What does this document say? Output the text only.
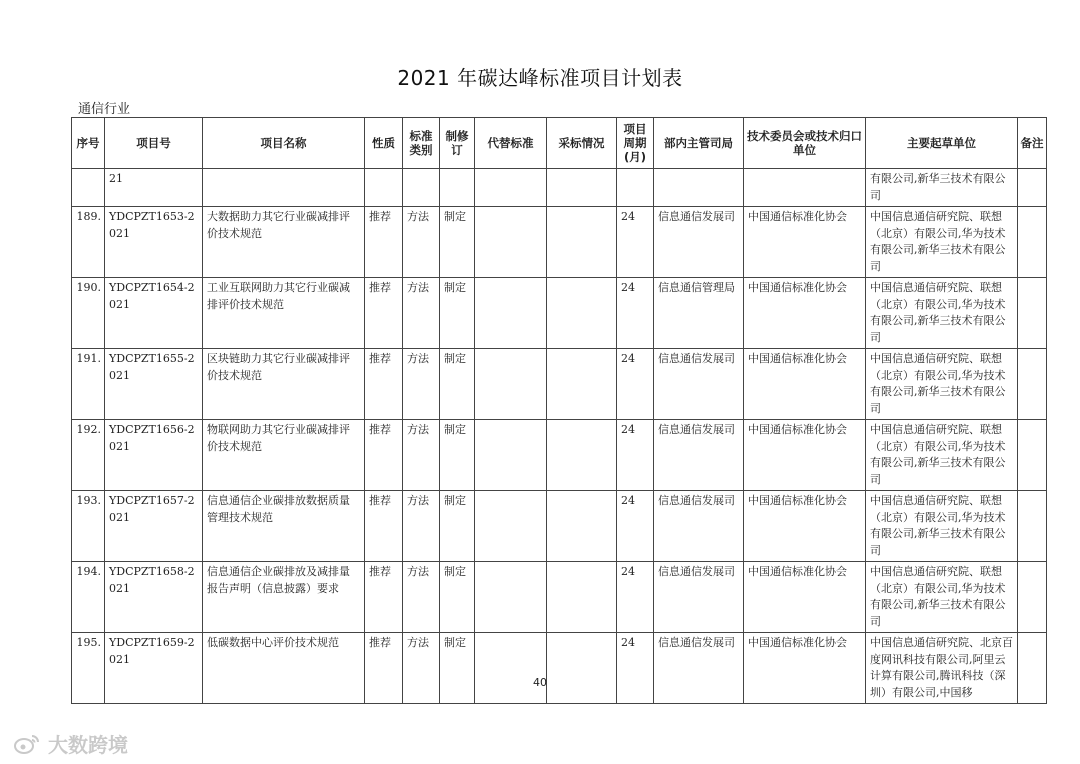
2021 年碳达峰标准项目计划表
通信行业
序号	项目号	项目名称	性质	标准类别	制修订	代替标准	采标情况	项目周期(月)	部内主管司局	技术委员会或技术归口单位	主要起草单位	备注
	21										有限公司,新华三技术有限公司	
189.	YDCPZT1653-2021	大数据助力其它行业碳减排评价技术规范	推荐	方法	制定			24	信息通信发展司	中国通信标准化协会	中国信息通信研究院、联想（北京）有限公司,华为技术有限公司,新华三技术有限公司	
190.	YDCPZT1654-2021	工业互联网助力其它行业碳减排评价技术规范	推荐	方法	制定			24	信息通信管理局	中国通信标准化协会	中国信息通信研究院、联想（北京）有限公司,华为技术有限公司,新华三技术有限公司	
191.	YDCPZT1655-2021	区块链助力其它行业碳减排评价技术规范	推荐	方法	制定			24	信息通信发展司	中国通信标准化协会	中国信息通信研究院、联想（北京）有限公司,华为技术有限公司,新华三技术有限公司	
192.	YDCPZT1656-2021	物联网助力其它行业碳减排评价技术规范	推荐	方法	制定			24	信息通信发展司	中国通信标准化协会	中国信息通信研究院、联想（北京）有限公司,华为技术有限公司,新华三技术有限公司	
193.	YDCPZT1657-2021	信息通信企业碳排放数据质量管理技术规范	推荐	方法	制定			24	信息通信发展司	中国通信标准化协会	中国信息通信研究院、联想（北京）有限公司,华为技术有限公司,新华三技术有限公司	
194.	YDCPZT1658-2021	信息通信企业碳排放及减排量报告声明（信息披露）要求	推荐	方法	制定			24	信息通信发展司	中国通信标准化协会	中国信息通信研究院、联想（北京）有限公司,华为技术有限公司,新华三技术有限公司	
195.	YDCPZT1659-2021	低碳数据中心评价技术规范	推荐	方法	制定			24	信息通信发展司	中国通信标准化协会	中国信息通信研究院、北京百度网讯科技有限公司,阿里云计算有限公司,腾讯科技（深圳）有限公司,中国移	
40
大数跨境
